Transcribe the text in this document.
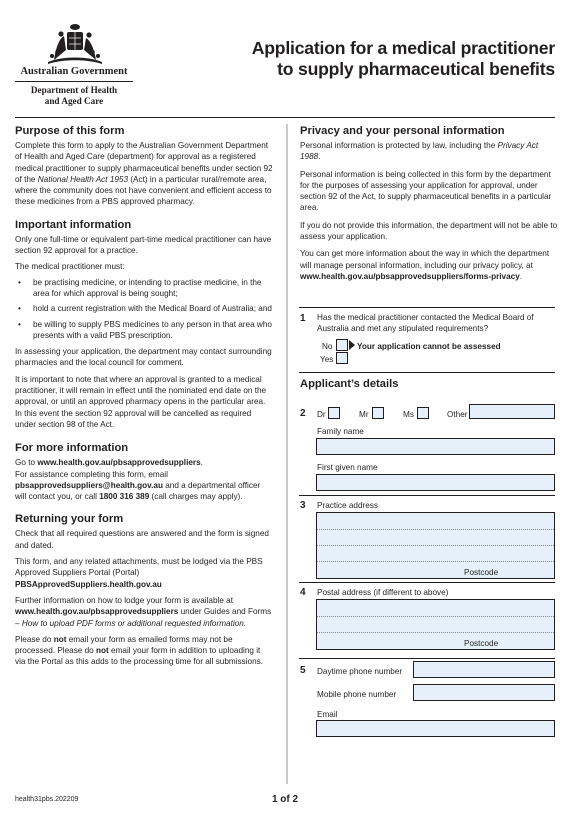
Australian Government
Department of Health
and Aged Care
Application for a medical practitioner
to supply pharmaceutical benefits
Purpose of this form

Complete this form to apply to the Australian Government Department of Health and Aged Care (department) for approval as a registered medical practitioner to supply pharmaceutical benefits under section 92 of the National Health Act 1953 (Act) in a particular rural/remote area, where the community does not have convenient and efficient access to these medicines from a PBS approved pharmacy.

Important information

Only one full-time or equivalent part-time medical practitioner can have section 92 approval for a practice.

The medical practitioner must:

• be practising medicine, or intending to practise medicine, in the area for which approval is being sought;
• hold a current registration with the Medical Board of Australia; and
• be willing to supply PBS medicines to any person in that area who presents with a valid PBS prescription.

In assessing your application, the department may contact surrounding pharmacies and the local council for comment.

It is important to note that where an approval is granted to a medical practitioner, it will remain in effect until the nominated end date on the approval, or until an approved pharmacy opens in the particular area. In this event the section 92 approval will be cancelled as required under section 98 of the Act.

For more information

Go to www.health.gov.au/pbsapprovedsuppliers.
For assistance completing this form, email
pbsapprovedsuppliers@health.gov.au and a departmental officer will contact you, or call 1800 316 389 (call charges may apply).

Returning your form

Check that all required questions are answered and the form is signed and dated.

This form, and any related attachments, must be lodged via the PBS Approved Suppliers Portal (Portal)
PBSApprovedSuppliers.health.gov.au

Further information on how to lodge your form is available at www.health.gov.au/pbsapprovedsuppliers under Guides and Forms – How to upload PDF forms or additional requested information.

Please do not email your form as emailed forms may not be processed. Please do not email your form in addition to uploading it via the Portal as this adds to the processing time for all submissions.

Privacy and your personal information

Personal information is protected by law, including the Privacy Act 1988.

Personal information is being collected in this form by the department for the purposes of assessing your application for approval, under section 92 of the Act, to supply pharmaceutical benefits in a particular area.

If you do not provide this information, the department will not be able to assess your application.

You can get more information about the way in which the department will manage personal information, including our privacy policy, at
www.health.gov.au/pbsapprovedsuppliers/forms-privacy.

1 Has the medical practitioner contacted the Medical Board of Australia and met any stipulated requirements?
No	Your application cannot be assessed
Yes
Applicant’s details
2 Dr	Mr	Ms	Other
Family name
First given name
3 Practice address
Postcode
4 Postal address (if different to above)
Postcode
5 Daytime phone number
Mobile phone number
Email
health31pbs.202209	1 of 2
